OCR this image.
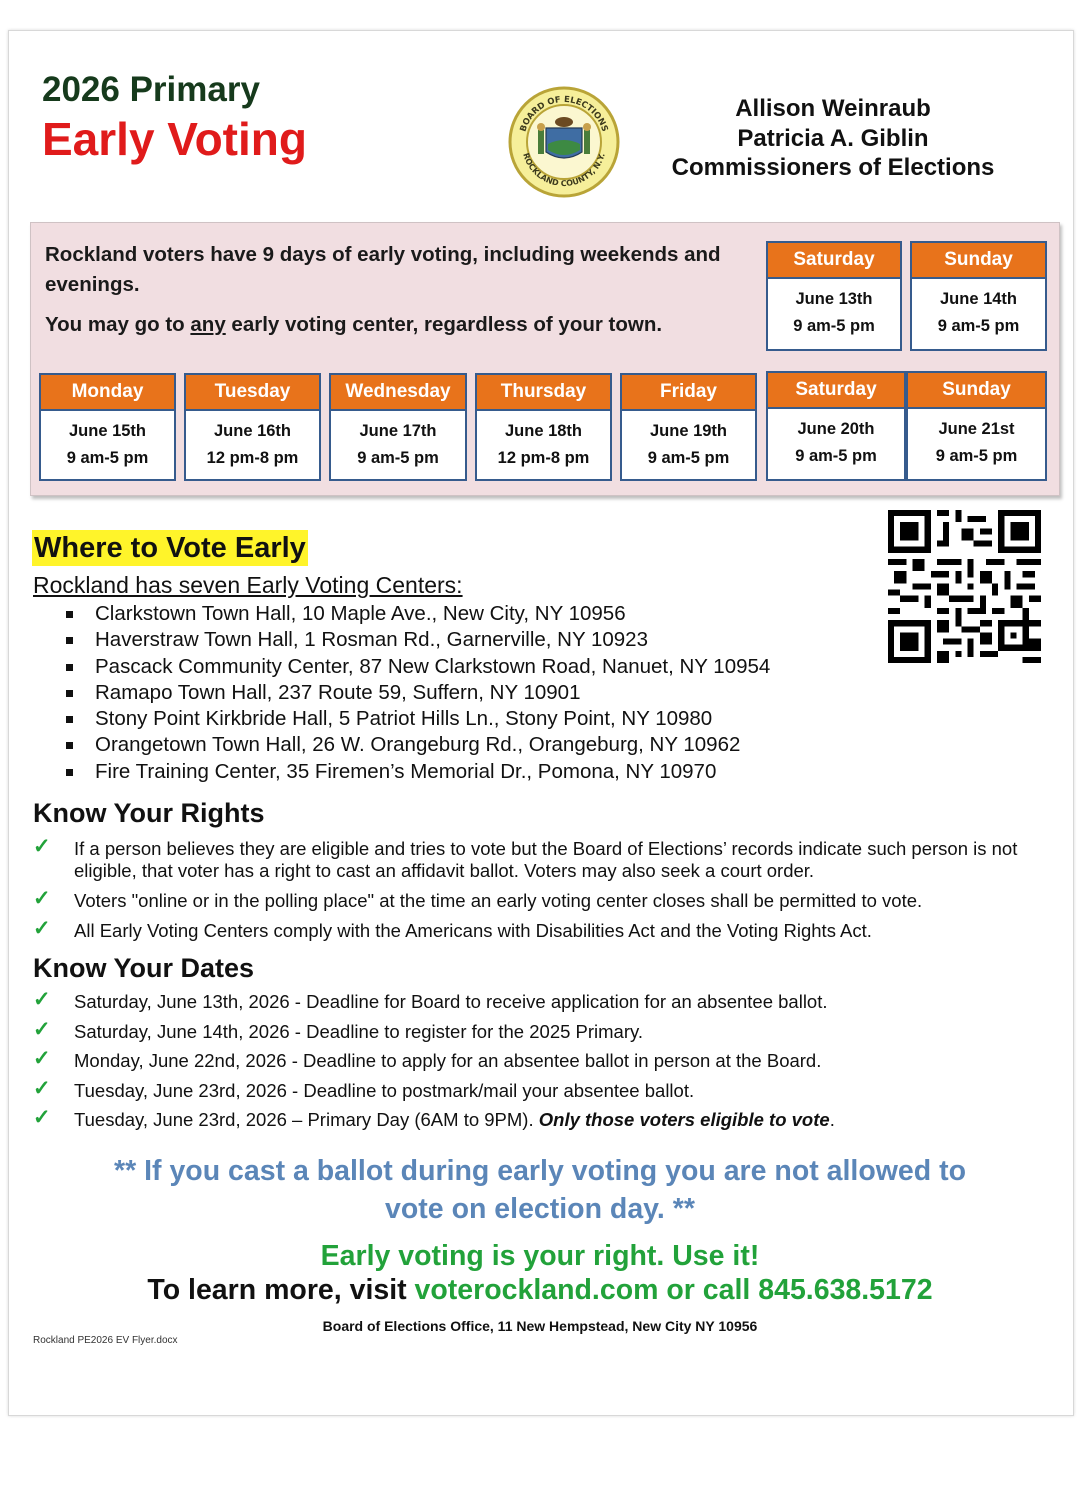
2026 Primary
Early Voting	BOARD OF ELECTIONS
ROCKLAND COUNTY, N.Y.
Allison Weinraub
Patricia A. Giblin
Commissioners of Elections

Rockland voters have 9 days of early voting, including weekends and evenings.

You may go to any early voting center, regardless of your town.

Saturday
June 13th
9 am-5 pm
Sunday
June 14th
9 am-5 pm
Monday
June 15th
9 am-5 pm
Tuesday
June 16th
12 pm-8 pm
Wednesday
June 17th
9 am-5 pm
Thursday
June 18th
12 pm-8 pm
Friday
June 19th
9 am-5 pm
Saturday
June 20th
9 am-5 pm
Sunday
June 21st
9 am-5 pm
Where to Vote Early
Rockland has seven Early Voting Centers:
Clarkstown Town Hall, 10 Maple Ave., New City, NY 10956
Haverstraw Town Hall, 1 Rosman Rd., Garnerville, NY 10923
Pascack Community Center, 87 New Clarkstown Road, Nanuet, NY 10954
Ramapo Town Hall, 237 Route 59, Suffern, NY 10901
Stony Point Kirkbride Hall, 5 Patriot Hills Ln., Stony Point, NY 10980
Orangetown Town Hall, 26 W. Orangeburg Rd., Orangeburg, NY 10962
Fire Training Center, 35 Firemen’s Memorial Dr., Pomona, NY 10970
Know Your Rights
✓ If a person believes they are eligible and tries to vote but the Board of Elections’ records indicate such person is not eligible, that voter has a right to cast an affidavit ballot. Voters may also seek a court order.
✓ Voters "online or in the polling place" at the time an early voting center closes shall be permitted to vote.
✓ All Early Voting Centers comply with the Americans with Disabilities Act and the Voting Rights Act.
Know Your Dates
✓ Saturday, June 13th, 2026 - Deadline for Board to receive application for an absentee ballot.
✓ Saturday, June 14th, 2026 - Deadline to register for the 2025 Primary.
✓ Monday, June 22nd, 2026 - Deadline to apply for an absentee ballot in person at the Board.
✓ Tuesday, June 23rd, 2026 - Deadline to postmark/mail your absentee ballot.
✓ Tuesday, June 23rd, 2026 – Primary Day (6AM to 9PM). Only those voters eligible to vote.
** If you cast a ballot during early voting you are not allowed to vote on election day. **
Early voting is your right. Use it!
To learn more, visit voterockland.com or call 845.638.5172
Board of Elections Office, 11 New Hempstead, New City NY 10956
Rockland PE2026 EV Flyer.docx
